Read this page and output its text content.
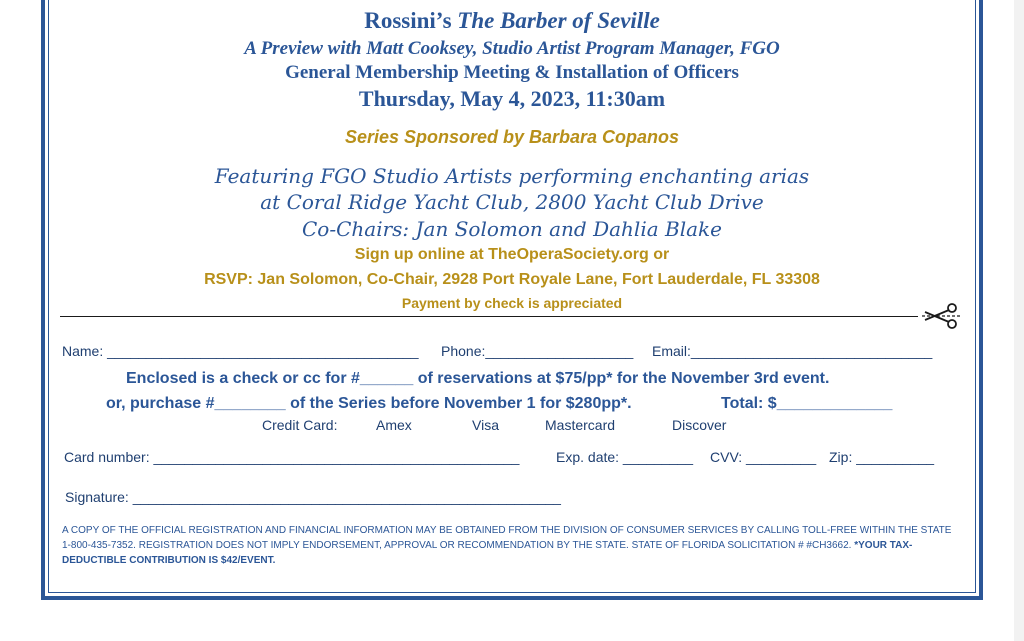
Rossini’s The Barber of Seville
A Preview with Matt Cooksey, Studio Artist Program Manager, FGO
General Membership Meeting & Installation of Officers
Thursday, May 4, 2023, 11:30am
Series Sponsored by Barbara Copanos
Featuring FGO Studio Artists performing enchanting arias
at Coral Ridge Yacht Club, 2800 Yacht Club Drive
Co-Chairs: Jan Solomon and Dahlia Blake
Sign up online at TheOperaSociety.org or
RSVP: Jan Solomon, Co-Chair, 2928 Port Royale Lane, Fort Lauderdale, FL 33308
Payment by check is appreciated
Name: ________________________________________ Phone:___________________ Email:_______________________________
Enclosed is a check or cc for #______ of reservations at $75/pp* for the November 3rd event.
or, purchase #________ of the Series before November 1 for $280pp*.	Total: $_____________
Credit Card:	Amex	Visa	Mastercard	Discover
Card number: _______________________________________________	Exp. date: _________ CVV: _________ Zip: __________
Signature: _______________________________________________________
A COPY OF THE OFFICIAL REGISTRATION AND FINANCIAL INFORMATION MAY BE OBTAINED FROM THE DIVISION OF CONSUMER SERVICES BY CALLING TOLL-FREE WITHIN THE STATE 1-800-435-7352. REGISTRATION DOES NOT IMPLY ENDORSEMENT, APPROVAL OR RECOMMENDATION BY THE STATE. STATE OF FLORIDA SOLICITATION # #CH3662. *YOUR TAX-DEDUCTIBLE CONTRIBUTION IS $42/EVENT.
